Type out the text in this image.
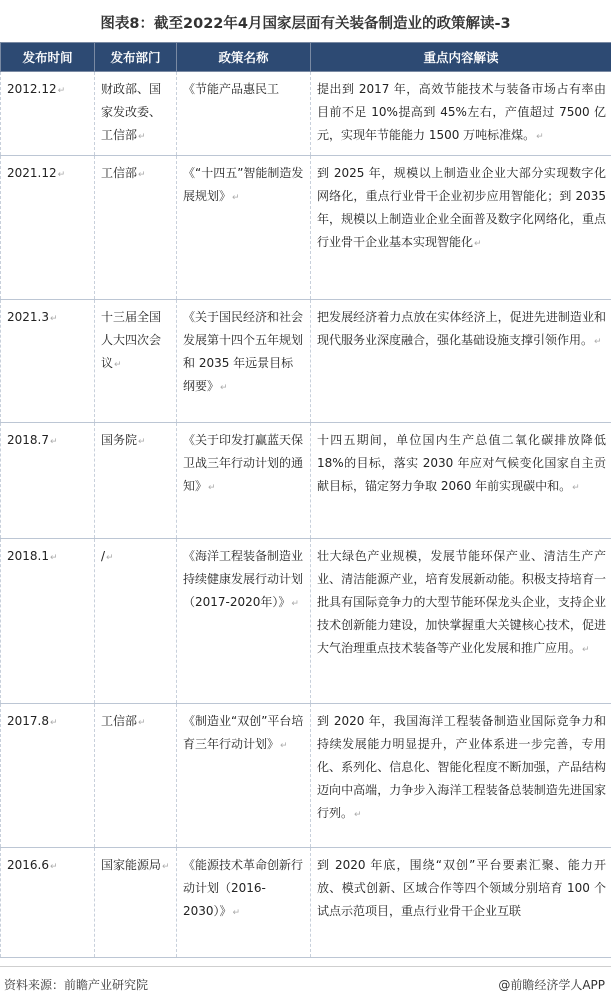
图表8：截至2022年4月国家层面有关装备制造业的政策解读-3
发布时间	发布部门	政策名称	重点内容解读
2012.12↵	财政部、国家发改委、工信部↵	《节能产品惠民工	提出到 2017 年，高效节能技术与装备市场占有率由目前不足 10%提高到 45%左右，产值超过 7500 亿元，实现年节能能力 1500 万吨标准煤。↵
2021.12↵	工信部↵	《“十四五”智能制造发展规划》↵	到 2025 年，规模以上制造业企业大部分实现数字化网络化，重点行业骨干企业初步应用智能化；到 2035 年，规模以上制造业企业全面普及数字化网络化，重点行业骨干企业基本实现智能化↵
2021.3↵	十三届全国人大四次会议↵	《关于国民经济和社会发展第十四个五年规划和 2035 年远景目标纲要》↵	把发展经济着力点放在实体经济上，促进先进制造业和现代服务业深度融合，强化基础设施支撑引领作用。↵
2018.7↵	国务院↵	《关于印发打赢蓝天保卫战三年行动计划的通知》↵	十四五期间，单位国内生产总值二氧化碳排放降低 18%的目标，落实 2030 年应对气候变化国家自主贡献目标，锚定努力争取 2060 年前实现碳中和。↵
2018.1↵	/↵	《海洋工程装备制造业持续健康发展行动计划（2017-2020年）》↵	壮大绿色产业规模，发展节能环保产业、清洁生产产业、清洁能源产业，培育发展新动能。积极支持培育一批具有国际竞争力的大型节能环保龙头企业，支持企业技术创新能力建设，加快掌握重大关键核心技术，促进大气治理重点技术装备等产业化发展和推广应用。↵
2017.8↵	工信部↵	《制造业“双创”平台培育三年行动计划》↵	到 2020 年，我国海洋工程装备制造业国际竞争力和持续发展能力明显提升，产业体系进一步完善，专用化、系列化、信息化、智能化程度不断加强，产品结构迈向中高端，力争步入海洋工程装备总装制造先进国家行列。↵
2016.6↵	国家能源局↵	《能源技术革命创新行动计划（2016-2030）》↵	到 2020 年底，围绕“双创”平台要素汇聚、能力开放、模式创新、区域合作等四个领域分别培育 100 个试点示范项目，重点行业骨干企业互联
资料来源：前瞻产业研究院	@前瞻经济学人APP
